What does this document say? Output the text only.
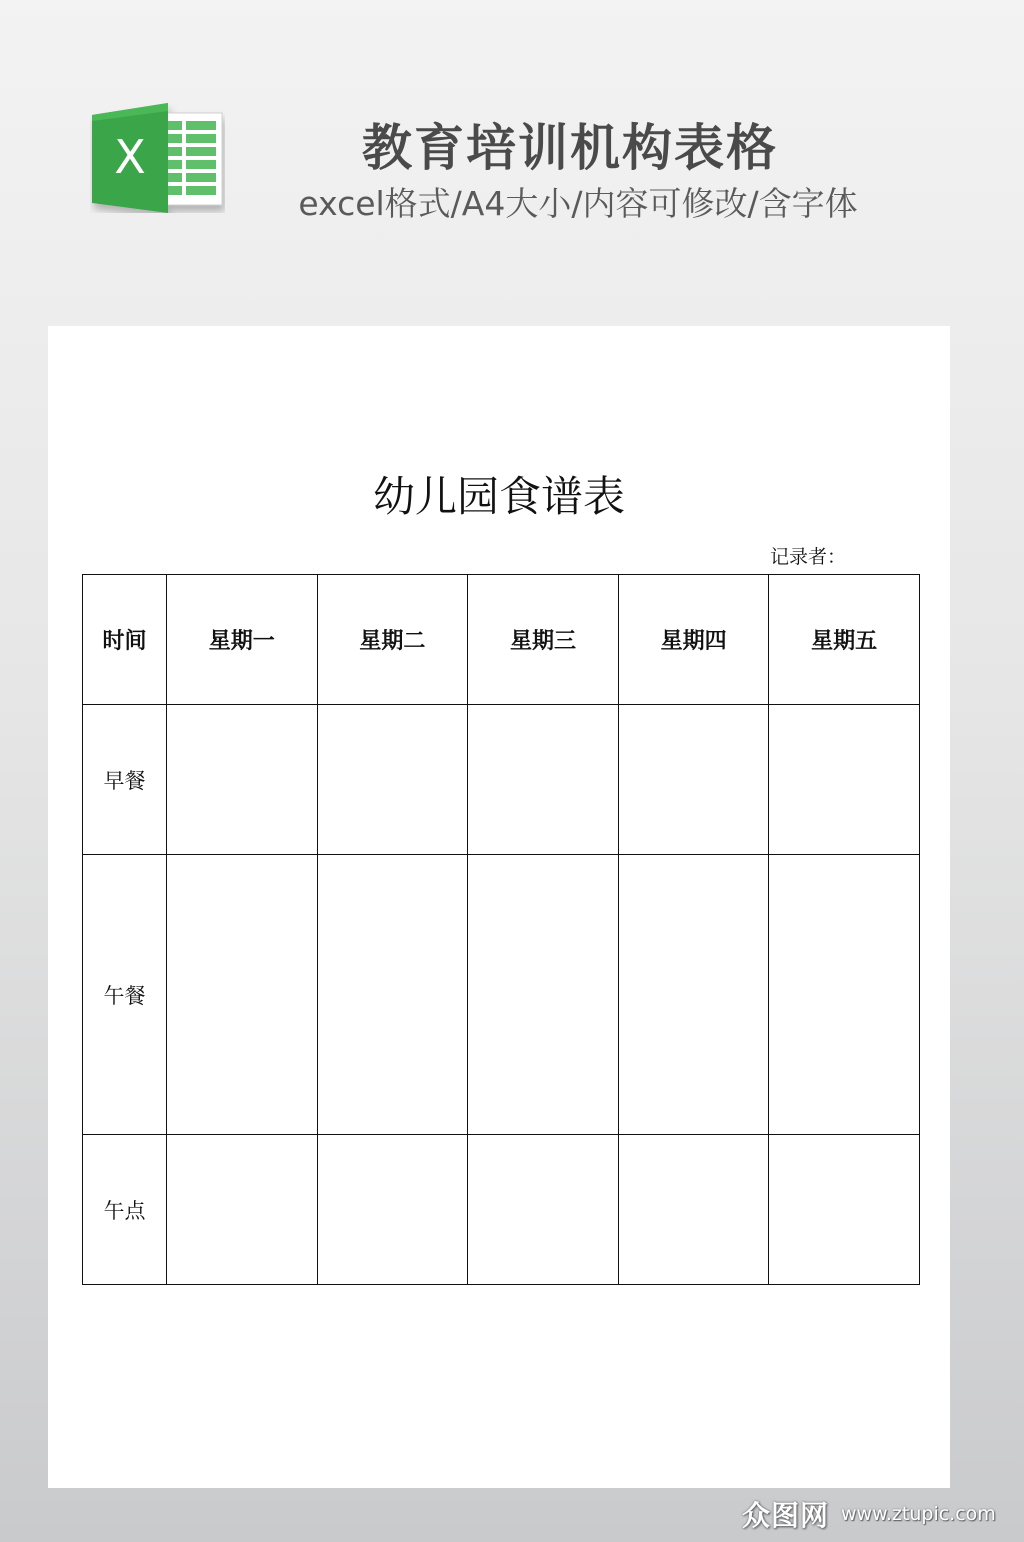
X	教育培训机构表格
excel格式/A4大小/内容可修改/含字体
幼儿园食谱表
记录者：
时间	星期一	星期二	星期三	星期四	星期五
早餐					
午餐					
午点					
众图网 www.ztupic.com
